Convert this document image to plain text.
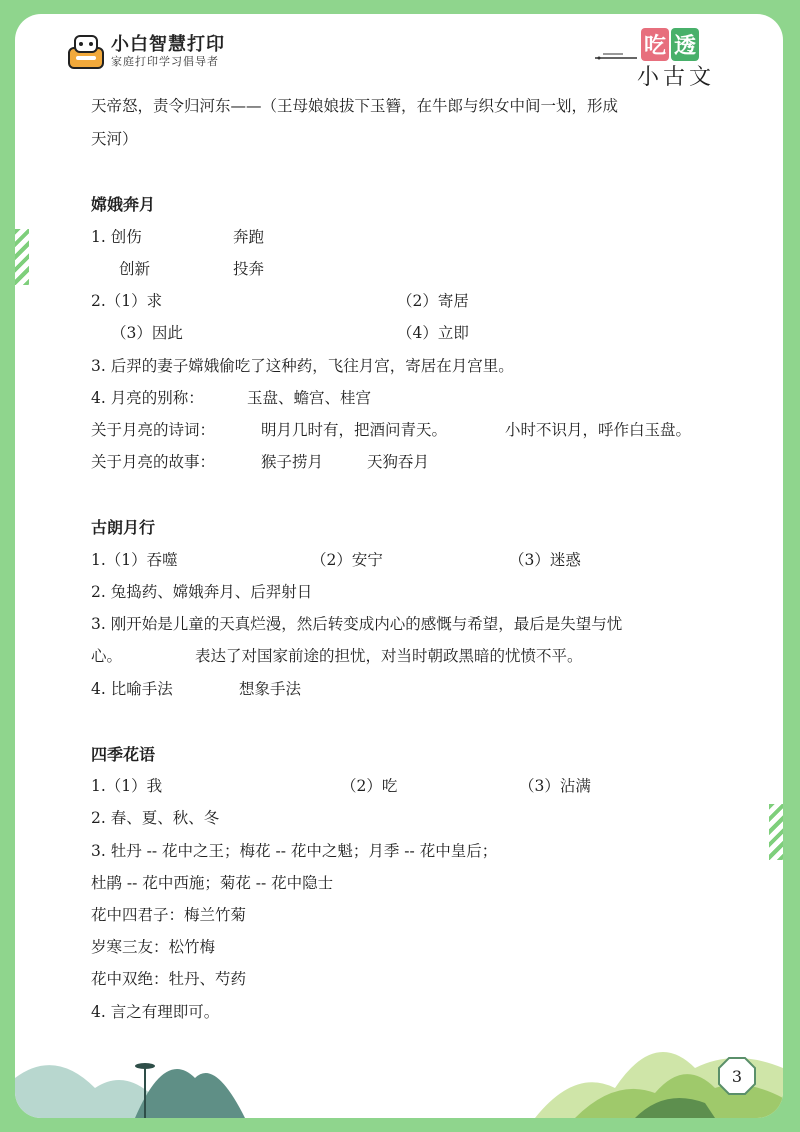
小白智慧打印
家庭打印学习倡导者
吃 透
小古文
天帝怒，责令归河东——（王母娘娘拔下玉簪，在牛郎与织女中间一划，形成
天河）
嫦娥奔月
1. 创伤	奔跑
创新	投奔
2.（1）求	（2）寄居
（3）因此	（4）立即
3. 后羿的妻子嫦娥偷吃了这种药，飞往月宫，寄居在月宫里。
4. 月亮的别称：	玉盘、蟾宫、桂宫
关于月亮的诗词：	明月几时有，把酒问青天。	小时不识月，呼作白玉盘。
关于月亮的故事：	猴子捞月	天狗吞月
古朗月行
1.（1）吞噬	（2）安宁	（3）迷惑
2. 兔捣药、嫦娥奔月、后羿射日
3. 刚开始是儿童的天真烂漫，然后转变成内心的感慨与希望，最后是失望与忧
心。	表达了对国家前途的担忧，对当时朝政黑暗的忧愤不平。
4. 比喻手法	想象手法
四季花语
1.（1）我	（2）吃	（3）沾满
2. 春、夏、秋、冬
3. 牡丹 -- 花中之王；梅花 -- 花中之魁；月季 -- 花中皇后；
杜鹃 -- 花中西施；菊花 -- 花中隐士
花中四君子：梅兰竹菊
岁寒三友：松竹梅
花中双绝：牡丹、芍药
4. 言之有理即可。
3
